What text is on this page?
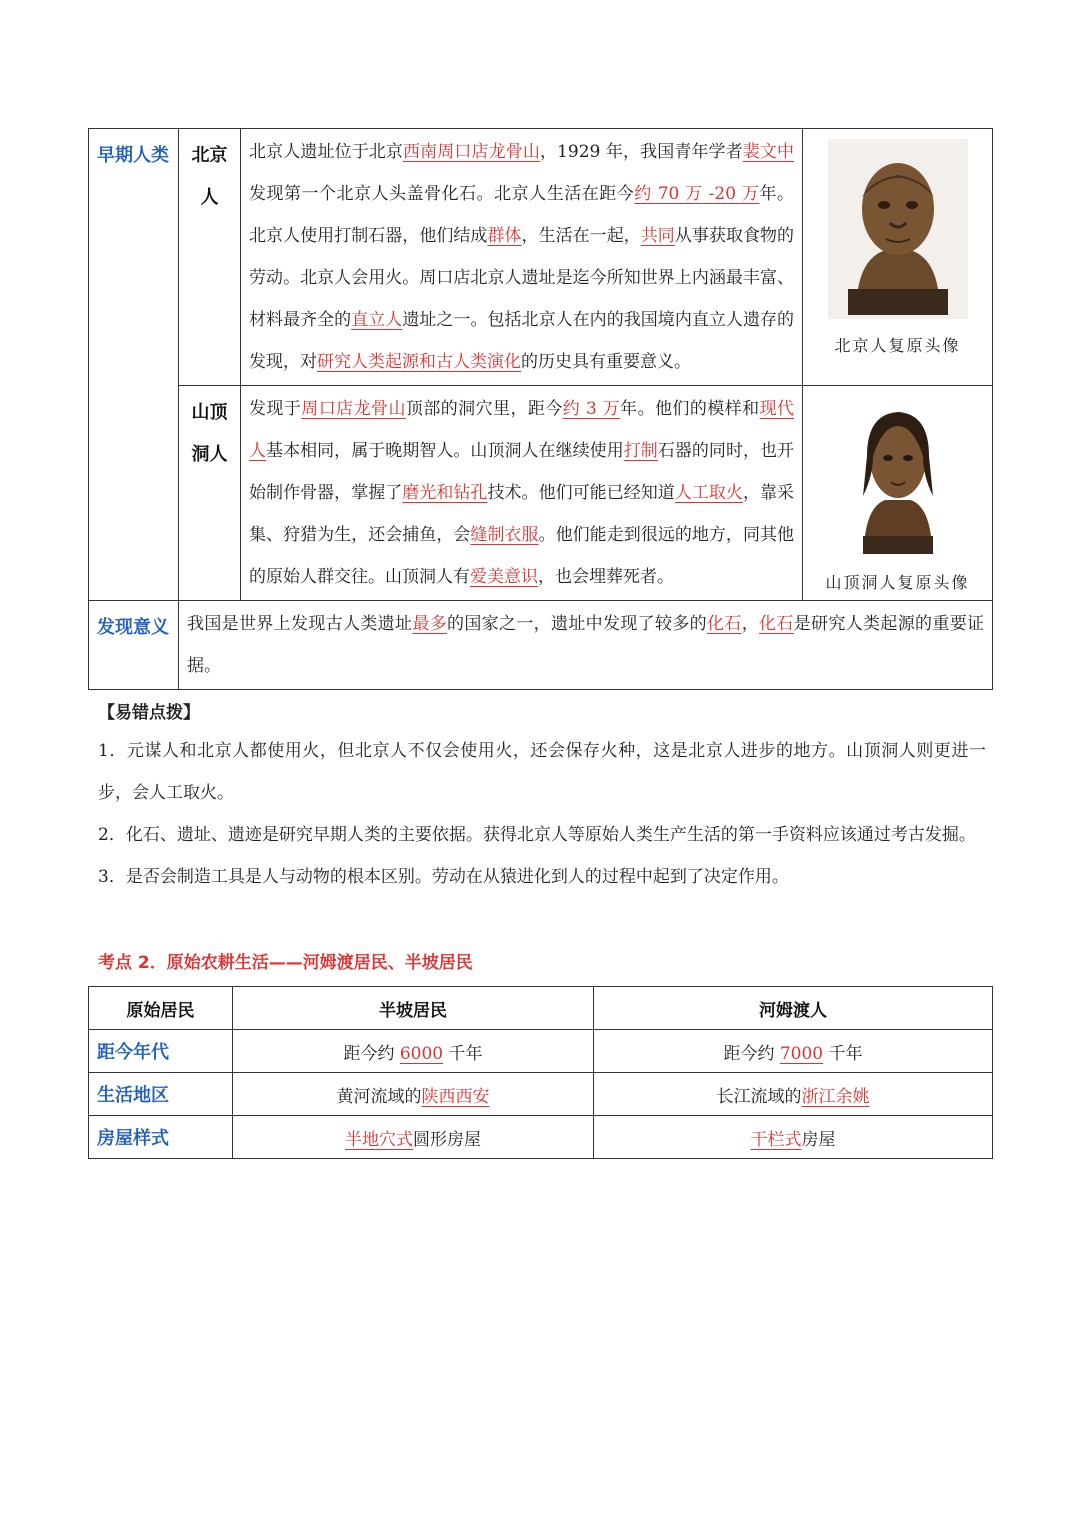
早期人类	北京人	北京人遗址位于北京西南周口店龙骨山，1929 年，我国青年学者裴文中发现第一个北京人头盖骨化石。北京人生活在距今约 70 万 -20 万年。北京人使用打制石器，他们结成群体，生活在一起，共同从事获取食物的劳动。北京人会用火。周口店北京人遗址是迄今所知世界上内涵最丰富、材料最齐全的直立人遗址之一。包括北京人在内的我国境内直立人遗存的发现，对研究人类起源和古人类演化的历史具有重要意义。	北京人复原头像

	山顶洞人	发现于周口店龙骨山顶部的洞穴里，距今约 3 万年。他们的模样和现代人基本相同，属于晚期智人。山顶洞人在继续使用打制石器的同时，也开始制作骨器，掌握了磨光和钻孔技术。他们可能已经知道人工取火，靠采集、狩猎为生，还会捕鱼，会缝制衣服。他们能走到很远的地方，同其他的原始人群交往。山顶洞人有爱美意识，也会埋葬死者。	山顶洞人复原头像

发现意义	我国是世界上发现古人类遗址最多的国家之一，遗址中发现了较多的化石，化石是研究人类起源的重要证据。		
【易错点拨】

1．元谋人和北京人都使用火，但北京人不仅会使用火，还会保存火种，这是北京人进步的地方。山顶洞人则更进一步，会人工取火。

2．化石、遗址、遗迹是研究早期人类的主要依据。获得北京人等原始人类生产生活的第一手资料应该通过考古发掘。

3．是否会制造工具是人与动物的根本区别。劳动在从猿进化到人的过程中起到了决定作用。

考点 2．原始农耕生活——河姆渡居民、半坡居民
原始居民	半坡居民	河姆渡人
距今年代	距今约 6000 千年	距今约 7000 千年
生活地区	黄河流域的陕西西安	长江流域的浙江余姚
房屋样式	半地穴式圆形房屋	干栏式房屋
